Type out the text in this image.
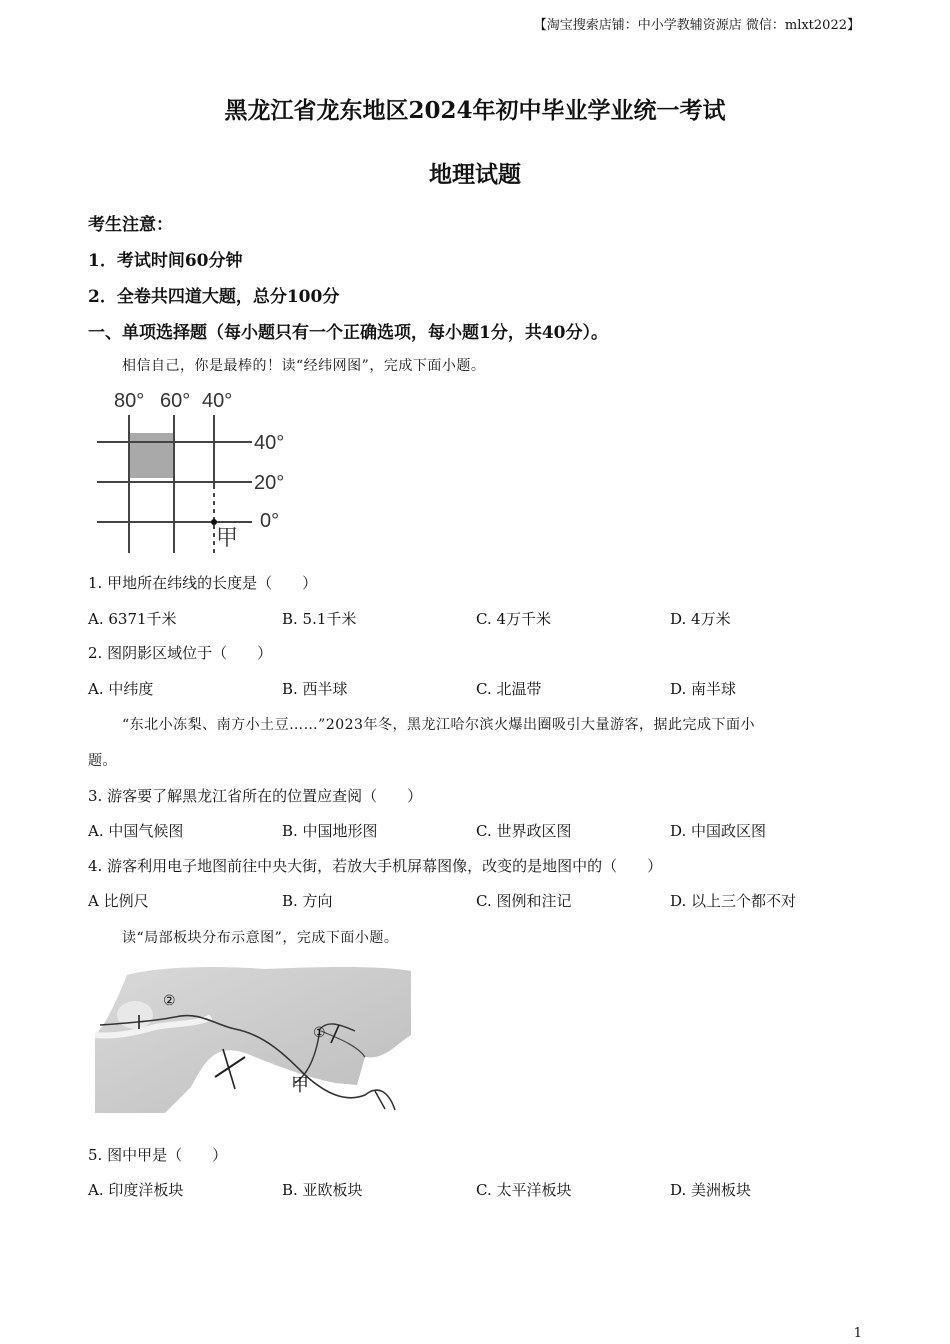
【淘宝搜索店铺：中小学教辅资源店 微信：mlxt2022】
黑龙江省龙东地区2024年初中毕业学业统一考试
地理试题
考生注意：
1．考试时间60分钟
2．全卷共四道大题，总分100分
一、单项选择题（每小题只有一个正确选项，每小题1分，共40分）。
相信自己，你是最棒的！读“经纬网图”，完成下面小题。
80° 60° 40°
40°
20°
0°
甲
1. 甲地所在纬线的长度是（　　）
A. 6371千米	B. 5.1千米	C. 4万千米	D. 4万米
2. 图阴影区域位于（　　）
A. 中纬度	B. 西半球	C. 北温带	D. 南半球
“东北小冻梨、南方小土豆……”2023年冬，黑龙江哈尔滨火爆出圈吸引大量游客，据此完成下面小
题。
3. 游客要了解黑龙江省所在的位置应查阅（　　）
A. 中国气候图	B. 中国地形图	C. 世界政区图	D. 中国政区图
4. 游客利用电子地图前往中央大街，若放大手机屏幕图像，改变的是地图中的（　　）
A 比例尺	B. 方向	C. 图例和注记	D. 以上三个都不对
读“局部板块分布示意图”，完成下面小题。
②
①
甲
5. 图中甲是（　　）
A. 印度洋板块	B. 亚欧板块	C. 太平洋板块	D. 美洲板块
1
